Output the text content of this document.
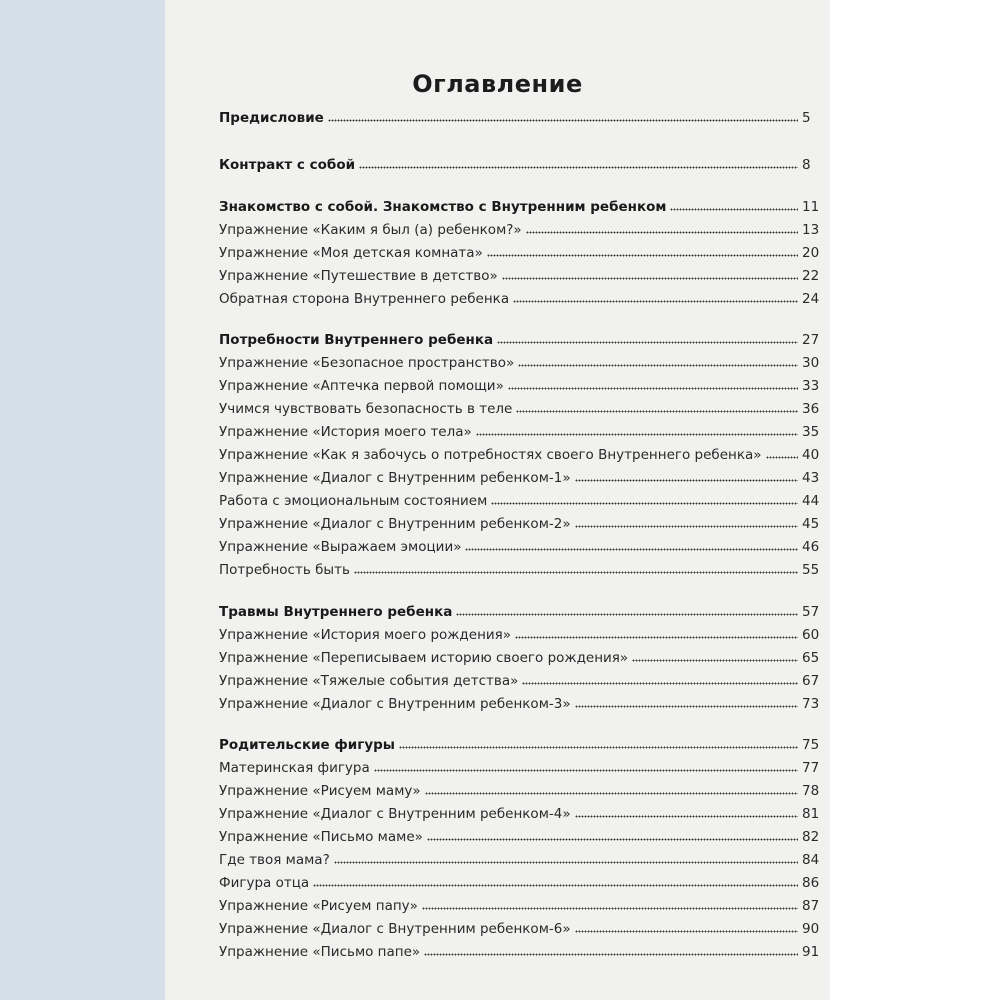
Оглавление
Предисловие	5
Контракт с собой	8
Знакомство с собой. Знакомство с Внутренним ребенком	11
Упражнение «Каким я был (а) ребенком?»	13
Упражнение «Моя детская комната»	20
Упражнение «Путешествие в детство»	22
Обратная сторона Внутреннего ребенка	24
Потребности Внутреннего ребенка	27
Упражнение «Безопасное пространство»	30
Упражнение «Аптечка первой помощи»	33
Учимся чувствовать безопасность в теле	36
Упражнение «История моего тела»	35
Упражнение «Как я забочусь о потребностях своего Внутреннего ребенка»	40
Упражнение «Диалог с Внутренним ребенком-1»	43
Работа с эмоциональным состоянием	44
Упражнение «Диалог с Внутренним ребенком-2»	45
Упражнение «Выражаем эмоции»	46
Потребность быть	55
Травмы Внутреннего ребенка	57
Упражнение «История моего рождения»	60
Упражнение «Переписываем историю своего рождения»	65
Упражнение «Тяжелые события детства»	67
Упражнение «Диалог с Внутренним ребенком-3»	73
Родительские фигуры	75
Материнская фигура	77
Упражнение «Рисуем маму»	78
Упражнение «Диалог с Внутренним ребенком-4»	81
Упражнение «Письмо маме»	82
Где твоя мама?	84
Фигура отца	86
Упражнение «Рисуем папу»	87
Упражнение «Диалог с Внутренним ребенком-6»	90
Упражнение «Письмо папе»	91
